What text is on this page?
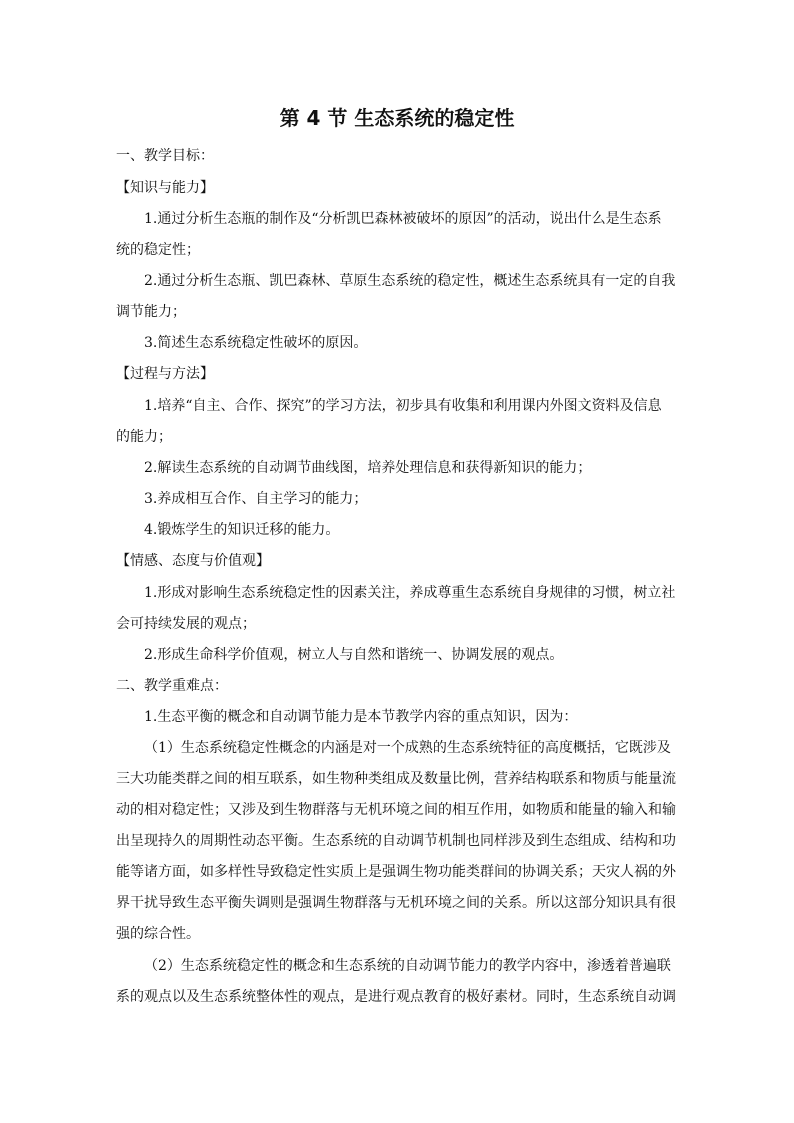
第 4 节 生态系统的稳定性
一、教学目标：
【知识与能力】
1.通过分析生态瓶的制作及“分析凯巴森林被破坏的原因”的活动，说出什么是生态系
统的稳定性；
2.通过分析生态瓶、凯巴森林、草原生态系统的稳定性，概述生态系统具有一定的自我
调节能力；
3.简述生态系统稳定性破坏的原因。
【过程与方法】
1.培养“自主、合作、探究”的学习方法，初步具有收集和利用课内外图文资料及信息
的能力；
2.解读生态系统的自动调节曲线图，培养处理信息和获得新知识的能力；
3.养成相互合作、自主学习的能力；
4.锻炼学生的知识迁移的能力。
【情感、态度与价值观】
1.形成对影响生态系统稳定性的因素关注，养成尊重生态系统自身规律的习惯，树立社
会可持续发展的观点；
2.形成生命科学价值观，树立人与自然和谐统一、协调发展的观点。
二、教学重难点：
1.生态平衡的概念和自动调节能力是本节教学内容的重点知识，因为：
（1）生态系统稳定性概念的内涵是对一个成熟的生态系统特征的高度概括，它既涉及
三大功能类群之间的相互联系，如生物种类组成及数量比例，营养结构联系和物质与能量流
动的相对稳定性；又涉及到生物群落与无机环境之间的相互作用，如物质和能量的输入和输
出呈现持久的周期性动态平衡。生态系统的自动调节机制也同样涉及到生态组成、结构和功
能等诸方面，如多样性导致稳定性实质上是强调生物功能类群间的协调关系；天灾人祸的外
界干扰导致生态平衡失调则是强调生物群落与无机环境之间的关系。所以这部分知识具有很
强的综合性。
（2）生态系统稳定性的概念和生态系统的自动调节能力的教学内容中，渗透着普遍联
系的观点以及生态系统整体性的观点，是进行观点教育的极好素材。同时，生态系统自动调
